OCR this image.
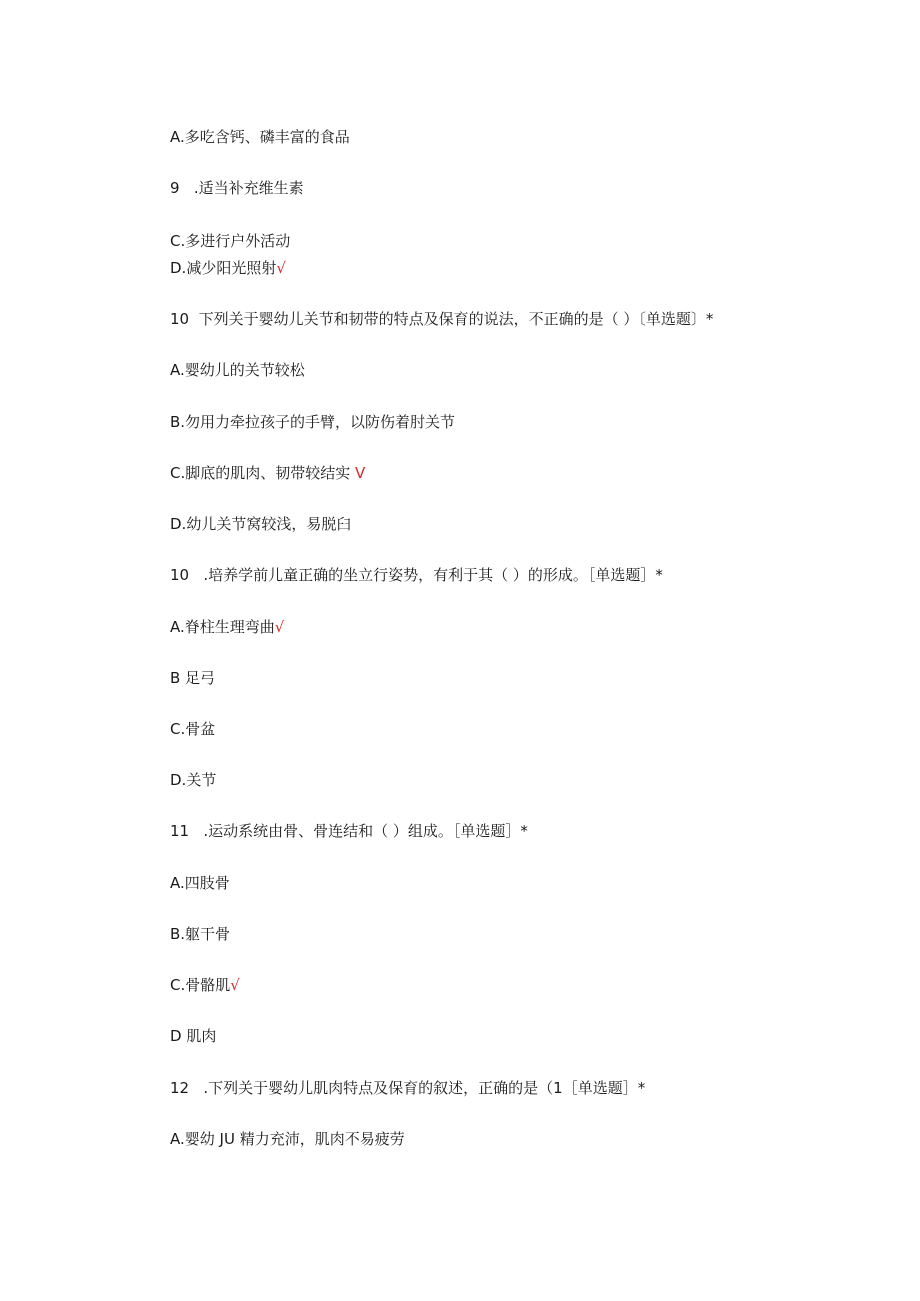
A.多吃含钙、磷丰富的食品
9   .适当补充维生素
C.多进行户外活动
D.减少阳光照射√
10  下列关于婴幼儿关节和韧带的特点及保育的说法，不正确的是（ ）〔单选题〕*
A.婴幼儿的关节较松
B.勿用力牵拉孩子的手臂，以防伤着肘关节
C.脚底的肌肉、韧带较结实 V
D.幼儿关节窝较浅，易脱臼
10   .培养学前儿童正确的坐立行姿势，有利于其（ ）的形成。［单选题］*
A.脊柱生理弯曲√
B 足弓
C.骨盆
D.关节
11   .运动系统由骨、骨连结和（ ）组成。［单选题］*
A.四肢骨
B.躯干骨
C.骨骼肌√
D 肌肉
12   .下列关于婴幼儿肌肉特点及保育的叙述，正确的是（1［单选题］*
A.婴幼 JU 精力充沛，肌肉不易疲劳
